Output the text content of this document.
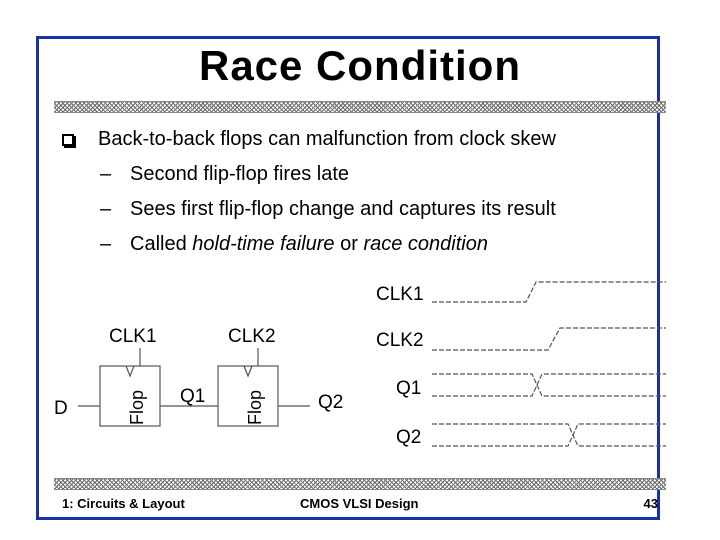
Race Condition
Back-to-back flops can malfunction from clock skew
– Second flip-flop fires late
– Sees first flip-flop change and captures its result
– Called hold-time failure or race condition
D
CLK1	CLK2
Flop	Flop
Q1	Q2
CLK1
CLK2
Q1
Q2
1: Circuits & Layout	CMOS VLSI Design	43
